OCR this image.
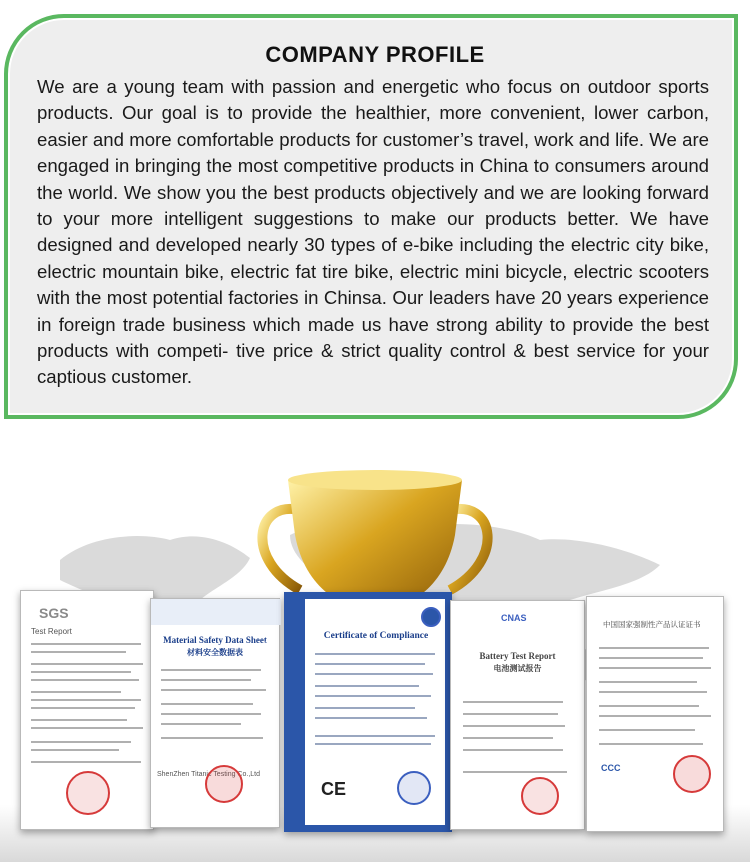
COMPANY PROFILE
We are a young team with passion and energetic who focus on outdoor sports products. Our goal is to provide the healthier, more convenient, lower carbon, easier and more comfortable products for customer’s travel, work and life. We are engaged in bringing the most competitive products in China to consumers around the world. We show you the best products objectively and we are looking forward to your more intelligent suggestions to make our products better. We have designed and developed nearly 30 types of e-bike including the electric city bike, electric mountain bike, electric fat tire bike, electric mini bicycle, electric scooters with the most potential factories in Chinsa. Our leaders have 20 years experience in foreign trade business which made us have strong ability to provide the best products with competi- tive price & strict quality control & best service for your captious customer.
SGS
Test Report
Material Safety Data Sheet
材料安全数据表
ShenZhen Titanic Testing Co.,Ltd Certificate - Сертификат - 證明書 - Certificat - 인증서
Certificate of Compliance
CE
CNAS
Battery Test Report
电池测试报告
中国国家强制性产品认证证书
CCC
